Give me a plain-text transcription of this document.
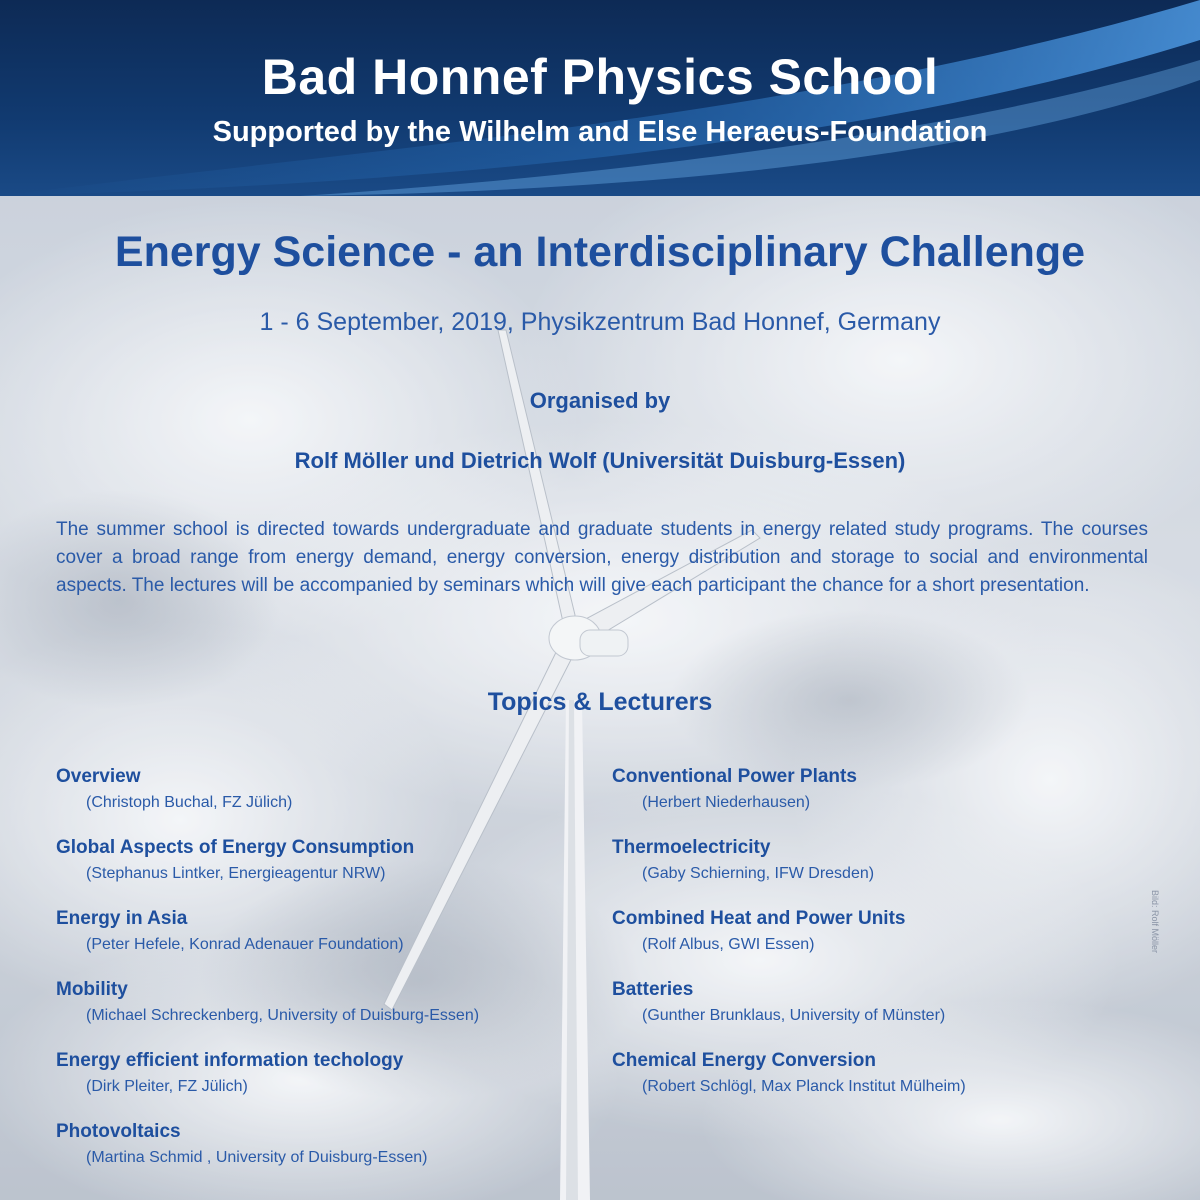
Bad Honnef Physics School
Supported by the Wilhelm and Else Heraeus-Foundation
Energy Science - an Interdisciplinary Challenge
1 - 6 September, 2019, Physikzentrum Bad Honnef, Germany
Organised by
Rolf Möller und Dietrich Wolf (Universität Duisburg-Essen)
The summer school is directed towards undergraduate and graduate students in energy related study programs. The courses cover a broad range from energy demand, energy conversion, energy distribution and storage to social and environmental aspects. The lectures will be accompanied by seminars which will give each participant the chance for a short presentation.
Topics & Lecturers
Overview
(Christoph Buchal, FZ Jülich)
Global Aspects of Energy Consumption
(Stephanus Lintker, Energieagentur NRW)
Energy in Asia
(Peter Hefele, Konrad Adenauer Foundation)
Mobility
(Michael Schreckenberg, University of Duisburg-Essen)
Energy efficient information techology
(Dirk Pleiter, FZ Jülich)
Photovoltaics
(Martina Schmid , University of Duisburg-Essen)
Conventional Power Plants
(Herbert Niederhausen)
Thermoelectricity
(Gaby Schierning, IFW Dresden)
Combined Heat and Power Units
(Rolf Albus, GWI Essen)
Batteries
(Gunther Brunklaus, University of Münster)
Chemical Energy Conversion
(Robert Schlögl, Max Planck Institut Mülheim)
Bild: Rolf Möller
